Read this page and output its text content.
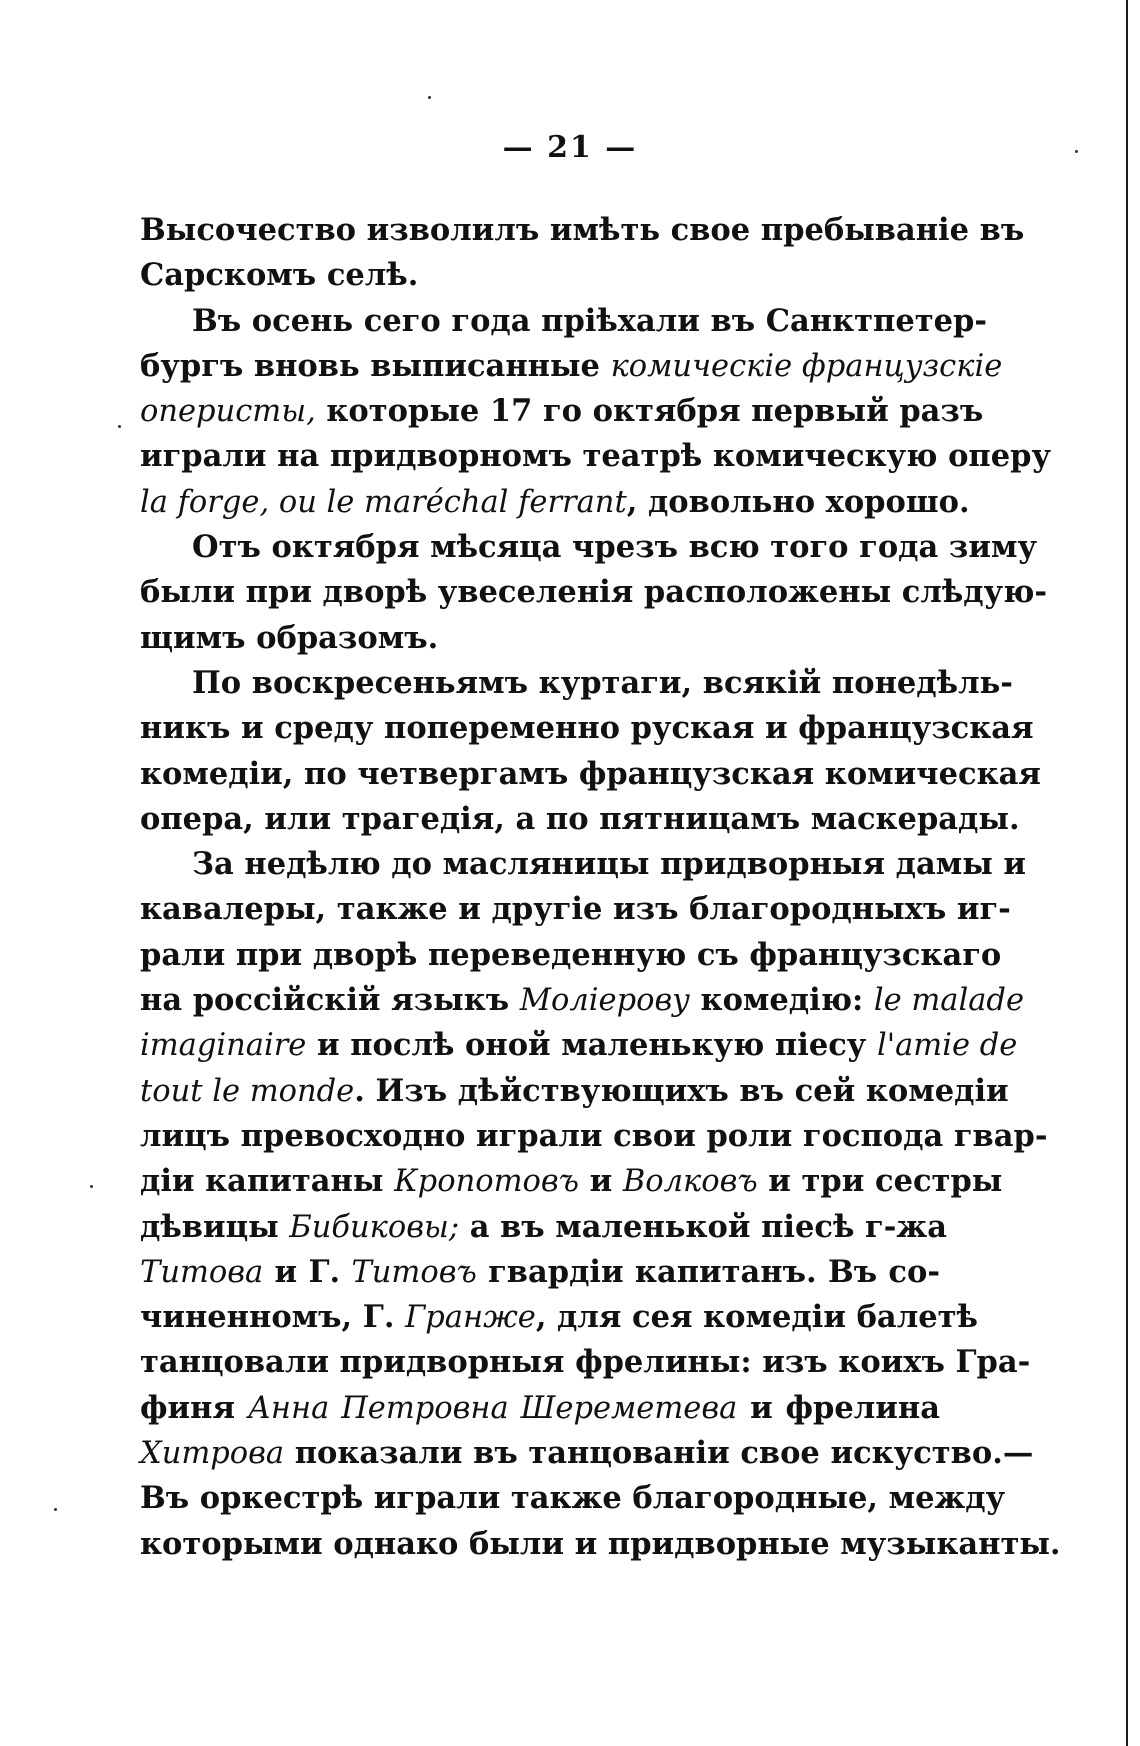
— 21 —
Высочество изволилъ имѣть свое пребываніе въ
Сарскомъ селѣ.
Въ осень сего года пріѣхали въ Санктпетер-
бургъ вновь выписанные комическіе французскіе
оперисты, которые 17 го октября первый разъ
играли на придворномъ театрѣ комическую оперу
la forge, ou le maréchal ferrant, довольно хорошо.
Отъ октября мѣсяца чрезъ всю того года зиму
были при дворѣ увеселенія расположены слѣдую-
щимъ образомъ.
По воскресеньямъ куртаги, всякій понедѣль-
никъ и среду попеременно руская и французская
комедіи, по четвергамъ французская комическая
опера, или трагедія, а по пятницамъ маскерады.
За недѣлю до масляницы придворныя дамы и
кавалеры, также и другіе изъ благородныхъ иг-
рали при дворѣ переведенную съ французскаго
на россійскій языкъ Моліерову комедію: le malade
imaginaire и послѣ оной маленькую піесу l'amie de
tout le monde. Изъ дѣйствующихъ въ сей комедіи
лицъ превосходно играли свои роли господа гвар-
діи капитаны Кропотовъ и Волковъ и три сестры
дѣвицы Бибиковы; а въ маленькой піесѣ г-жа
Титова и Г. Титовъ гвардіи капитанъ. Въ со-
чиненномъ, Г. Гранже, для сея комедіи балетѣ
танцовали придворныя фрелины: изъ коихъ Гра-
финя Анна Петровна Шереметева и фрелина
Хитрова показали въ танцованіи свое искуство.—
Въ оркестрѣ играли также благородные, между
которыми однако были и придворные музыканты.
